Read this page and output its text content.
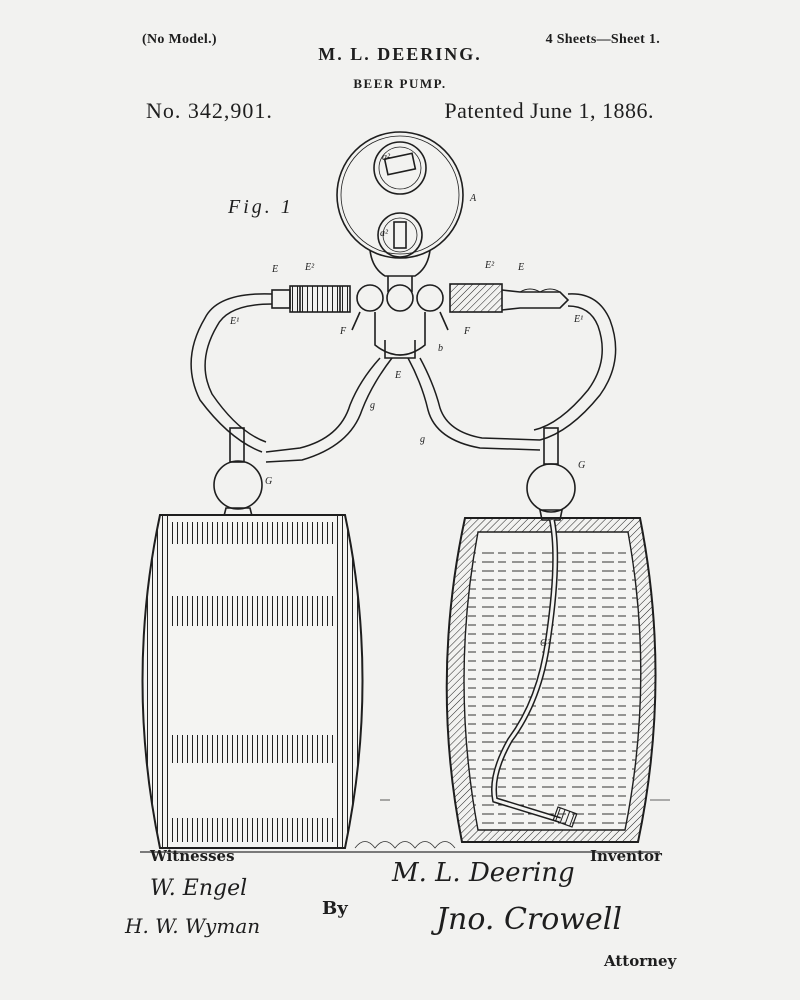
(No Model.)	4 Sheets—Sheet 1.
M. L. DEERING.
BEER PUMP.
No. 342,901.	Patented June 1, 1886.
Fig. 1	A
a²
a²
E	E²
E¹
E² E
E¹
F	F
b
E
g
g
G
G
G²
Witnesses	Inventor
By
Attorney
W. Engel
H. W. Wyman
M. L. Deering
Jno. Crowell
